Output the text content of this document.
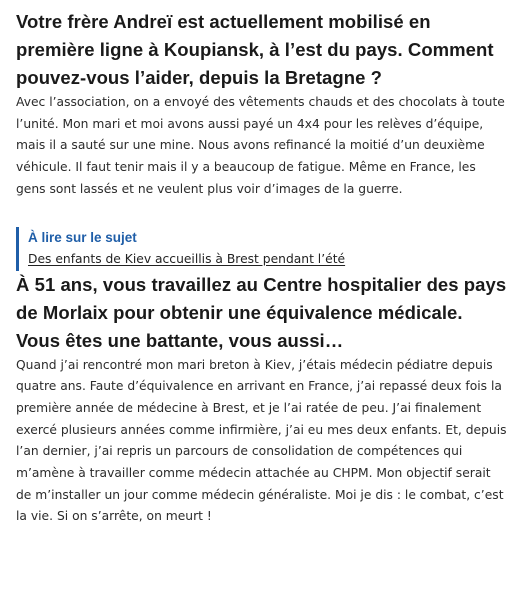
Votre frère Andreï est actuellement mobilisé en première ligne à Koupiansk, à l’est du pays. Comment pouvez-vous l’aider, depuis la Bretagne ?

Avec l’association, on a envoyé des vêtements chauds et des chocolats à toute l’unité. Mon mari et moi avons aussi payé un 4x4 pour les relèves d’équipe, mais il a sauté sur une mine. Nous avons refinancé la moitié d’un deuxième véhicule. Il faut tenir mais il y a beaucoup de fatigue. Même en France, les gens sont lassés et ne veulent plus voir d’images de la guerre.

À lire sur le sujet
Des enfants de Kiev accueillis à Brest pendant l’été
À 51 ans, vous travaillez au Centre hospitalier des pays de Morlaix pour obtenir une équivalence médicale. Vous êtes une battante, vous aussi…

Quand j’ai rencontré mon mari breton à Kiev, j’étais médecin pédiatre depuis quatre ans. Faute d’équivalence en arrivant en France, j’ai repassé deux fois la première année de médecine à Brest, et je l’ai ratée de peu. J’ai finalement exercé plusieurs années comme infirmière, j’ai eu mes deux enfants. Et, depuis l’an dernier, j’ai repris un parcours de consolidation de compétences qui m’amène à travailler comme médecin attachée au CHPM. Mon objectif serait de m’installer un jour comme médecin généraliste. Moi je dis : le combat, c’est la vie. Si on s’arrête, on meurt !
